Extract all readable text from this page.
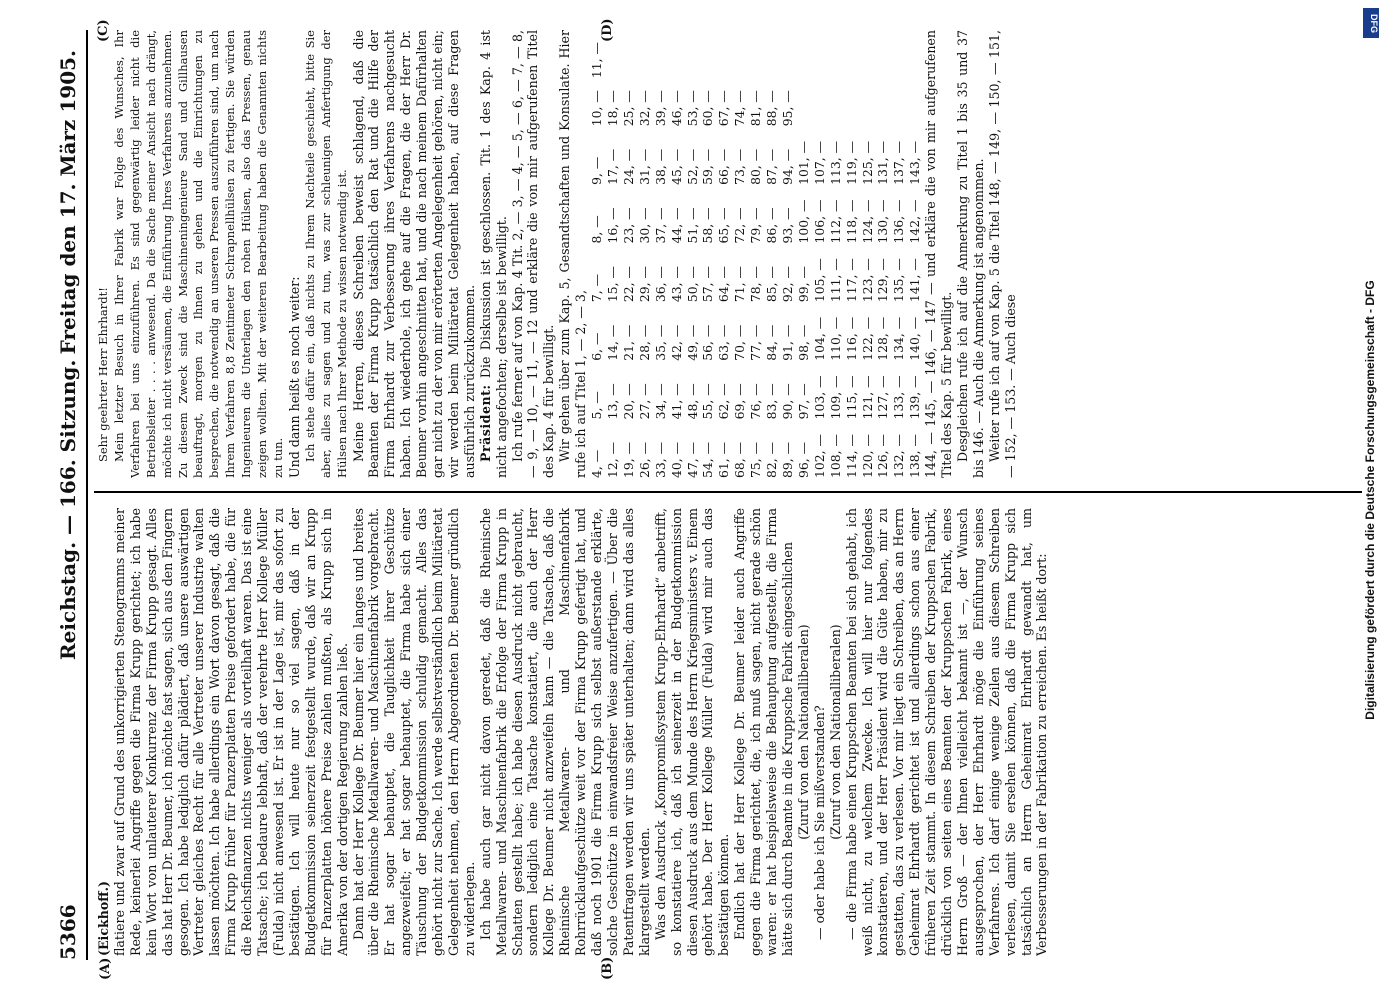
5366
Reichstag. — 166. Sitzung.
Freitag den 17. März 1905.
(A)	(B)
(C)	(D)

(Eickhoff.) flatiere und zwar auf Grund des unkorrigierten Stenogramms meiner Rede, keinerlei Angriffe gegen die Firma Krupp gerichtet; ich habe kein Wort von unlauterer Konkurrenz der Firma Krupp gesagt. Alles das hat Herr Dr. Beumer, ich möchte fast sagen, sich aus den Fingern gesogen. Ich habe lediglich dafür plädiert, daß unsere auswärtigen Vertreter gleiches Recht für alle Vertreter unserer Industrie walten lassen möchten. Ich habe allerdings ein Wort davon gesagt, daß die Firma Krupp früher für Panzerplatten Preise gefordert habe, die für die Reichsfinanzen nichts weniger als vorteilhaft waren. Das ist eine Tatsache; ich bedaure lebhaft, daß der verehrte Herr Kollege Müller (Fulda) nicht anwesend ist. Er ist in der Lage ist, mir das sofort zu bestätigen. Ich will heute nur so viel sagen, daß in der Budgetkommission seinerzeit festgestellt wurde, daß wir an Krupp für Panzerplatten höhere Preise zahlen mußten, als Krupp sich in Amerika von der dortigen Regierung zahlen ließ. Dann hat der Herr Kollege Dr. Beumer hier ein langes und breites über die Rheinische Metallwaren- und Maschinenfabrik vorgebracht. Er hat sogar behauptet, die Tauglichkeit ihrer Geschütze angezweifelt; er hat sogar behauptet, die Firma habe sich einer Täuschung der Budgetkommission schuldig gemacht. Alles das gehört nicht zur Sache. Ich werde selbstverständlich beim Militäretat Gelegenheit nehmen, den Herrn Abgeordneten Dr. Beumer gründlich zu widerlegen. Ich habe auch gar nicht davon geredet, daß die Rheinische Metallwaren- und Maschinenfabrik die Erfolge der Firma Krupp in Schatten gestellt habe; ich habe diesen Ausdruck nicht gebraucht, sondern lediglich eine Tatsache konstatiert, die auch der Herr Kollege Dr. Beumer nicht anzweifeln kann — die Tatsache, daß die Rheinische Metallwaren- und Maschinenfabrik Rohrrücklaufgeschütze weit vor der Firma Krupp gefertigt hat, und daß noch 1901 die Firma Krupp sich selbst außerstande erklärte, solche Geschütze in einwandsfreier Weise anzufertigen. — Über die Patentfragen werden wir uns später unterhalten; dann wird das alles klargestellt werden. Was den Ausdruck „Kompromißsystem Krupp-Ehrhardt“ anbetrifft, so konstatiere ich, daß ich seinerzeit in der Budgetkommission diesen Ausdruck aus dem Munde des Herrn Kriegsministers v. Einem gehört habe. Der Herr Kollege Müller (Fulda) wird mir auch das bestätigen können. Endlich hat der Herr Kollege Dr. Beumer leider auch Angriffe gegen die Firma gerichtet, die, ich muß sagen, nicht gerade schön waren: er hat beispielsweise die Behauptung aufgestellt, die Firma hätte sich durch Beamte in die Kruppsche Fabrik eingeschlichen (Zuruf von den Nationalliberalen) — oder habe ich Sie mißverstanden? (Zuruf von den Nationalliberalen) — die Firma habe einen Kruppschen Beamten bei sich gehabt, ich weiß nicht, zu welchem Zwecke. Ich will hier nur folgendes konstatieren, und der Herr Präsident wird die Güte haben, mir zu gestatten, das zu verlesen. Vor mir liegt ein Schreiben, das an Herrn Geheimrat Ehrhardt gerichtet ist und allerdings schon aus einer früheren Zeit stammt. In diesem Schreiben der Kruppschen Fabrik, drücklich von seiten eines Beamten der Kruppschen Fabrik, eines Herrn Groß — der Ihnen vielleicht bekannt ist —, der Wunsch ausgesprochen, der Herr Ehrhardt möge die Einführung seines Verfahrens. Ich darf einige wenige Zeilen aus diesem Schreiben verlesen, damit Sie ersehen können, daß die Firma Krupp sich tatsächlich an Herrn Geheimrat Ehrhardt gewandt hat, um Verbesserungen in der Fabrikation zu erreichen. Es heißt dort:

Sehr geehrter Herr Ehrhardt! Mein letzter Besuch in Ihrer Fabrik war Folge des Wunsches, Ihr Verfahren bei uns einzuführen. Es sind gegenwärtig leider nicht die Betriebsleiter . . . . anwesend. Da die Sache meiner Ansicht nach drängt, möchte ich nicht versäumen, die Einführung Ihres Verfahrens anzunehmen. Zu diesem Zweck sind die Maschineningenieure Sand und Gillhausen beauftragt, morgen zu Ihnen zu gehen und die Einrichtungen zu besprechen, die notwendig an unseren Pressen auszuführen sind, um nach Ihrem Verfahren 8,8 Zentimeter Schrapnellhülsen zu fertigen. Sie würden Ingenieuren die Unterlagen den rohen Hülsen, also das Pressen, genau zeigen wollten. Mit der weiteren Bearbeitung haben die Genannten nichts zu tun. Und dann heißt es noch weiter: Ich stehe dafür ein, daß nichts zu Ihrem Nachteile geschieht, bitte Sie aber, alles zu sagen und zu tun, was zur schleunigen Anfertigung der Hülsen nach Ihrer Methode zu wissen notwendig ist. Meine Herren, dieses Schreiben beweist schlagend, daß die Beamten der Firma Krupp tatsächlich den Rat und die Hilfe der Firma Ehrhardt zur Verbesserung ihres Verfahrens nachgesucht haben. Ich wiederhole, ich gehe auf die Fragen, die der Herr Dr. Beumer vorhin angeschnitten hat, und die nach meinem Dafürhalten gar nicht zu der von mir erörterten Angelegenheit gehören, nicht ein; wir werden beim Militäretat Gelegenheit haben, auf diese Fragen ausführlich zurückzukommen. Präsident: Die Diskussion ist geschlossen. Tit. 1 des Kap. 4 ist nicht angefochten; derselbe ist bewilligt. Ich rufe ferner auf von Kap. 4 Tit. 2, — 3, — 4, — 5, — 6, — 7, — 8, — 9, — 10, — 11, — 12 und erkläre die von mir aufgerufenen Titel des Kap. 4 für bewilligt. Wir gehen über zum Kap. 5, Gesandtschaften und Konsulate. Hier rufe ich auf Titel 1, — 2, — 3, 4, —	5, —	6, —	7, —	8, —	9, —	10, —	11, —
12, —	13, —	14, —	15, —	16, —	17, —	18, —	
19, —	20, —	21, —	22, —	23, —	24, —	25, —	
26, —	27, —	28, —	29, —	30, —	31, —	32, —	
33, —	34, —	35, —	36, —	37, —	38, —	39, —	
40, —	41, —	42, —	43, —	44, —	45, —	46, —	
47, —	48, —	49, —	50, —	51, —	52, —	53, —	
54, —	55, —	56, —	57, —	58, —	59, —	60, —	
61, —	62, —	63, —	64, —	65, —	66, —	67, —	
68, —	69, —	70, —	71, —	72, —	73, —	74, —	
75, —	76, —	77, —	78, —	79, —	80, —	81, —	
82, —	83, —	84, —	85, —	86, —	87, —	88, —	
89, —	90, —	91, —	92, —	93, —	94, —	95, —	
96, —	97, —	98, —	99, —	100, —	101, —		
102, —	103, —	104, —	105, —	106, —	107, —		
108, —	109, —	110, —	111, —	112, —	113, —		
114, —	115, —	116, —	117, —	118, —	119, —		
120, —	121, —	122, —	123, —	124, —	125, —		
126, —	127, —	128, —	129, —	130, —	131, —		
132, —	133, —	134, —	135, —	136, —	137, —		
138, —	139, —	140, —	141, —	142, —	143, —		144, — 145, — 146, — 147 — und erkläre die von mir aufgerufenen Titel des Kap. 5 für bewilligt. Desgleichen rufe ich auf die Anmerkung zu Titel 1 bis 35 und 37 bis 146. — Auch die Anmerkung ist angenommen. Weiter rufe ich auf von Kap. 5 die Titel 148, — 149, — 150, — 151, — 152, — 153. — Auch diese	Digitalisierung gefördert durch die Deutsche Forschungsgemeinschaft - DFG
DFG
